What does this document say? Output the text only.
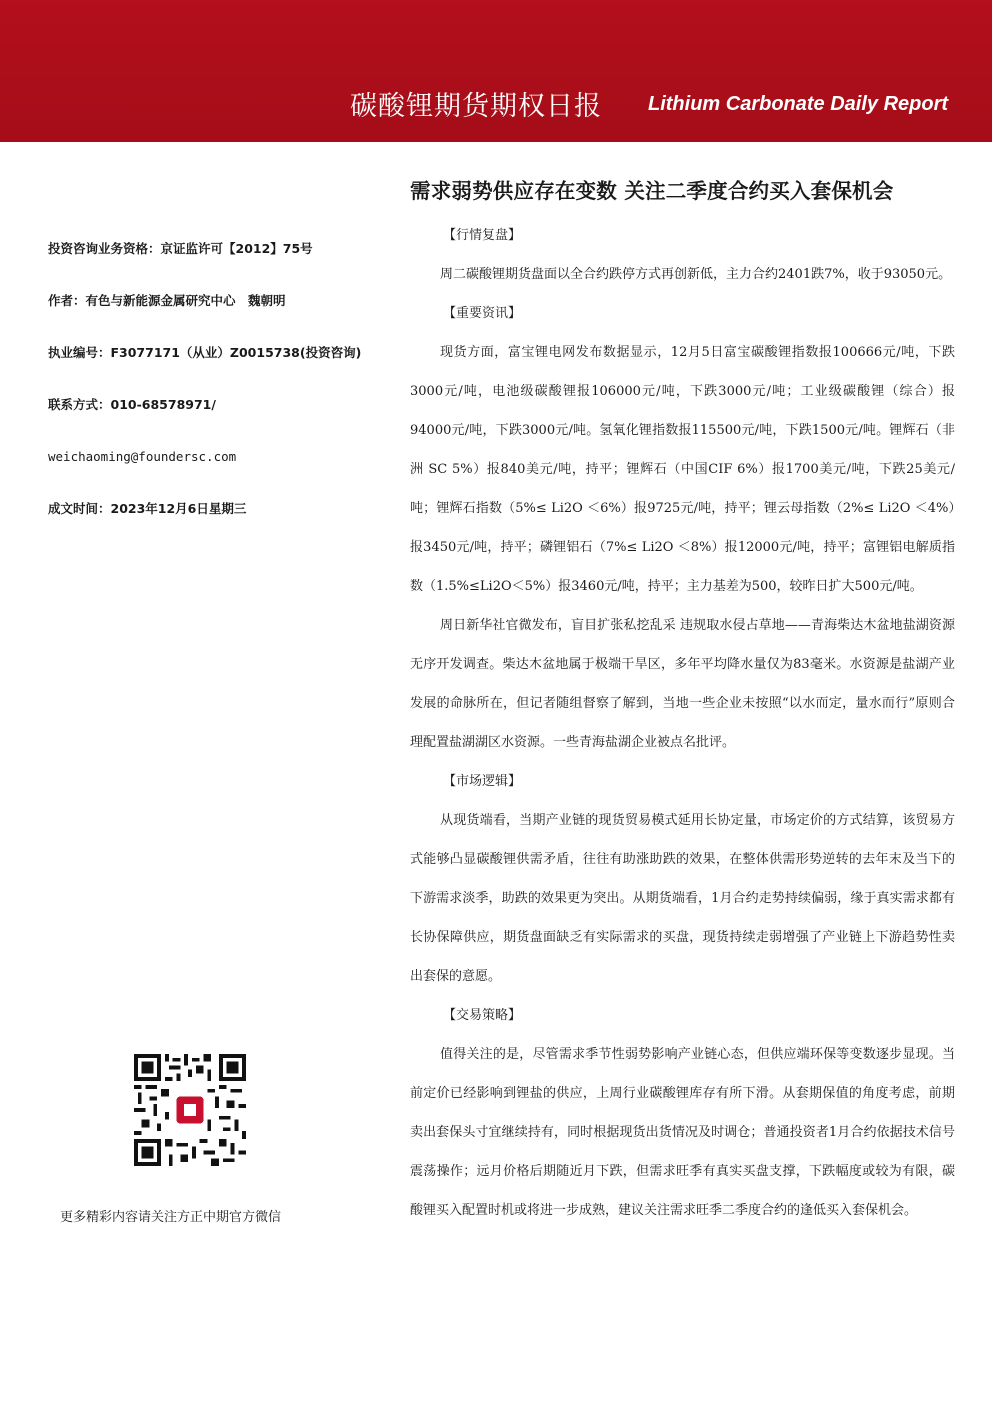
碳酸锂期货期权日报 Lithium Carbonate Daily Report
需求弱势供应存在变数 关注二季度合约买入套保机会
投资咨询业务资格：京证监许可【2012】75号
作者：有色与新能源金属研究中心　魏朝明
执业编号：F3077171（从业）Z0015738(投资咨询)
联系方式：010-68578971/
weichaoming@foundersc.com
成文时间：2023年12月6日星期三
更多精彩内容请关注方正中期官方微信
【行情复盘】

周二碳酸锂期货盘面以全合约跌停方式再创新低，主力合约2401跌7%，收于93050元。

【重要资讯】

现货方面，富宝锂电网发布数据显示，12月5日富宝碳酸锂指数报100666元/吨，下跌3000元/吨，电池级碳酸锂报106000元/吨，下跌3000元/吨；工业级碳酸锂（综合）报94000元/吨，下跌3000元/吨。氢氧化锂指数报115500元/吨，下跌1500元/吨。锂辉石（非洲 SC 5%）报840美元/吨，持平；锂辉石（中国CIF 6%）报1700美元/吨，下跌25美元/吨；锂辉石指数（5%≤ Li2O ＜6%）报9725元/吨，持平；锂云母指数（2%≤ Li2O ＜4%）报3450元/吨，持平；磷锂铝石（7%≤ Li2O ＜8%）报12000元/吨，持平；富锂铝电解质指数（1.5%≤Li2O＜5%）报3460元/吨，持平；主力基差为500，较昨日扩大500元/吨。

周日新华社官微发布，盲目扩张私挖乱采 违规取水侵占草地——青海柴达木盆地盐湖资源无序开发调查。柴达木盆地属于极端干旱区，多年平均降水量仅为83毫米。水资源是盐湖产业发展的命脉所在，但记者随组督察了解到，当地一些企业未按照“以水而定，量水而行”原则合理配置盐湖湖区水资源。一些青海盐湖企业被点名批评。

【市场逻辑】

从现货端看，当期产业链的现货贸易模式延用长协定量，市场定价的方式结算，该贸易方式能够凸显碳酸锂供需矛盾，往往有助涨助跌的效果，在整体供需形势逆转的去年末及当下的下游需求淡季，助跌的效果更为突出。从期货端看，1月合约走势持续偏弱，缘于真实需求都有长协保障供应，期货盘面缺乏有实际需求的买盘，现货持续走弱增强了产业链上下游趋势性卖出套保的意愿。

【交易策略】

值得关注的是，尽管需求季节性弱势影响产业链心态，但供应端环保等变数逐步显现。当前定价已经影响到锂盐的供应，上周行业碳酸锂库存有所下滑。从套期保值的角度考虑，前期卖出套保头寸宜继续持有，同时根据现货出货情况及时调仓；普通投资者1月合约依据技术信号震荡操作；远月价格后期随近月下跌，但需求旺季有真实买盘支撑，下跌幅度或较为有限，碳酸锂买入配置时机或将进一步成熟，建议关注需求旺季二季度合约的逢低买入套保机会。
